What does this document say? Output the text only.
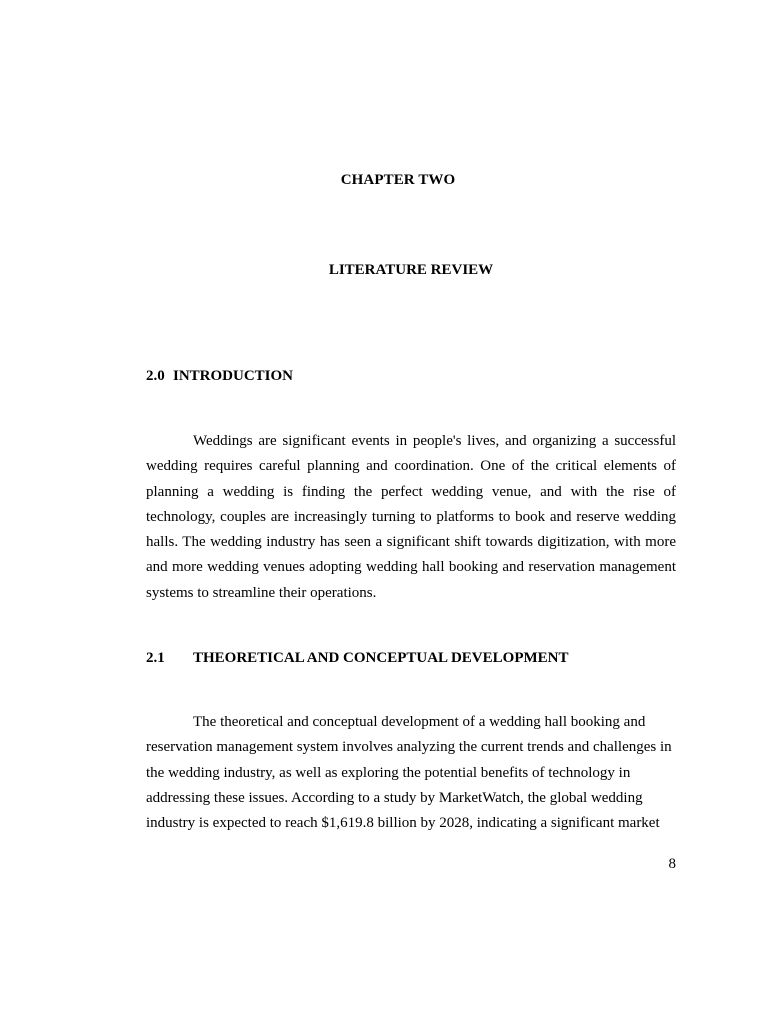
CHAPTER TWO
LITERATURE REVIEW
2.0 INTRODUCTION

Weddings are significant events in people's lives, and organizing a successful wedding requires careful planning and coordination. One of the critical elements of planning a wedding is finding the perfect wedding venue, and with the rise of technology, couples are increasingly turning to platforms to book and reserve wedding halls. The wedding industry has seen a significant shift towards digitization, with more and more wedding venues adopting wedding hall booking and reservation management systems to streamline their operations.

2.1 THEORETICAL AND CONCEPTUAL DEVELOPMENT

The theoretical and conceptual development of a wedding hall booking and reservation management system involves analyzing the current trends and challenges in the wedding industry, as well as exploring the potential benefits of technology in addressing these issues. According to a study by MarketWatch, the global wedding industry is expected to reach $1,619.8 billion by 2028, indicating a significant market

8
